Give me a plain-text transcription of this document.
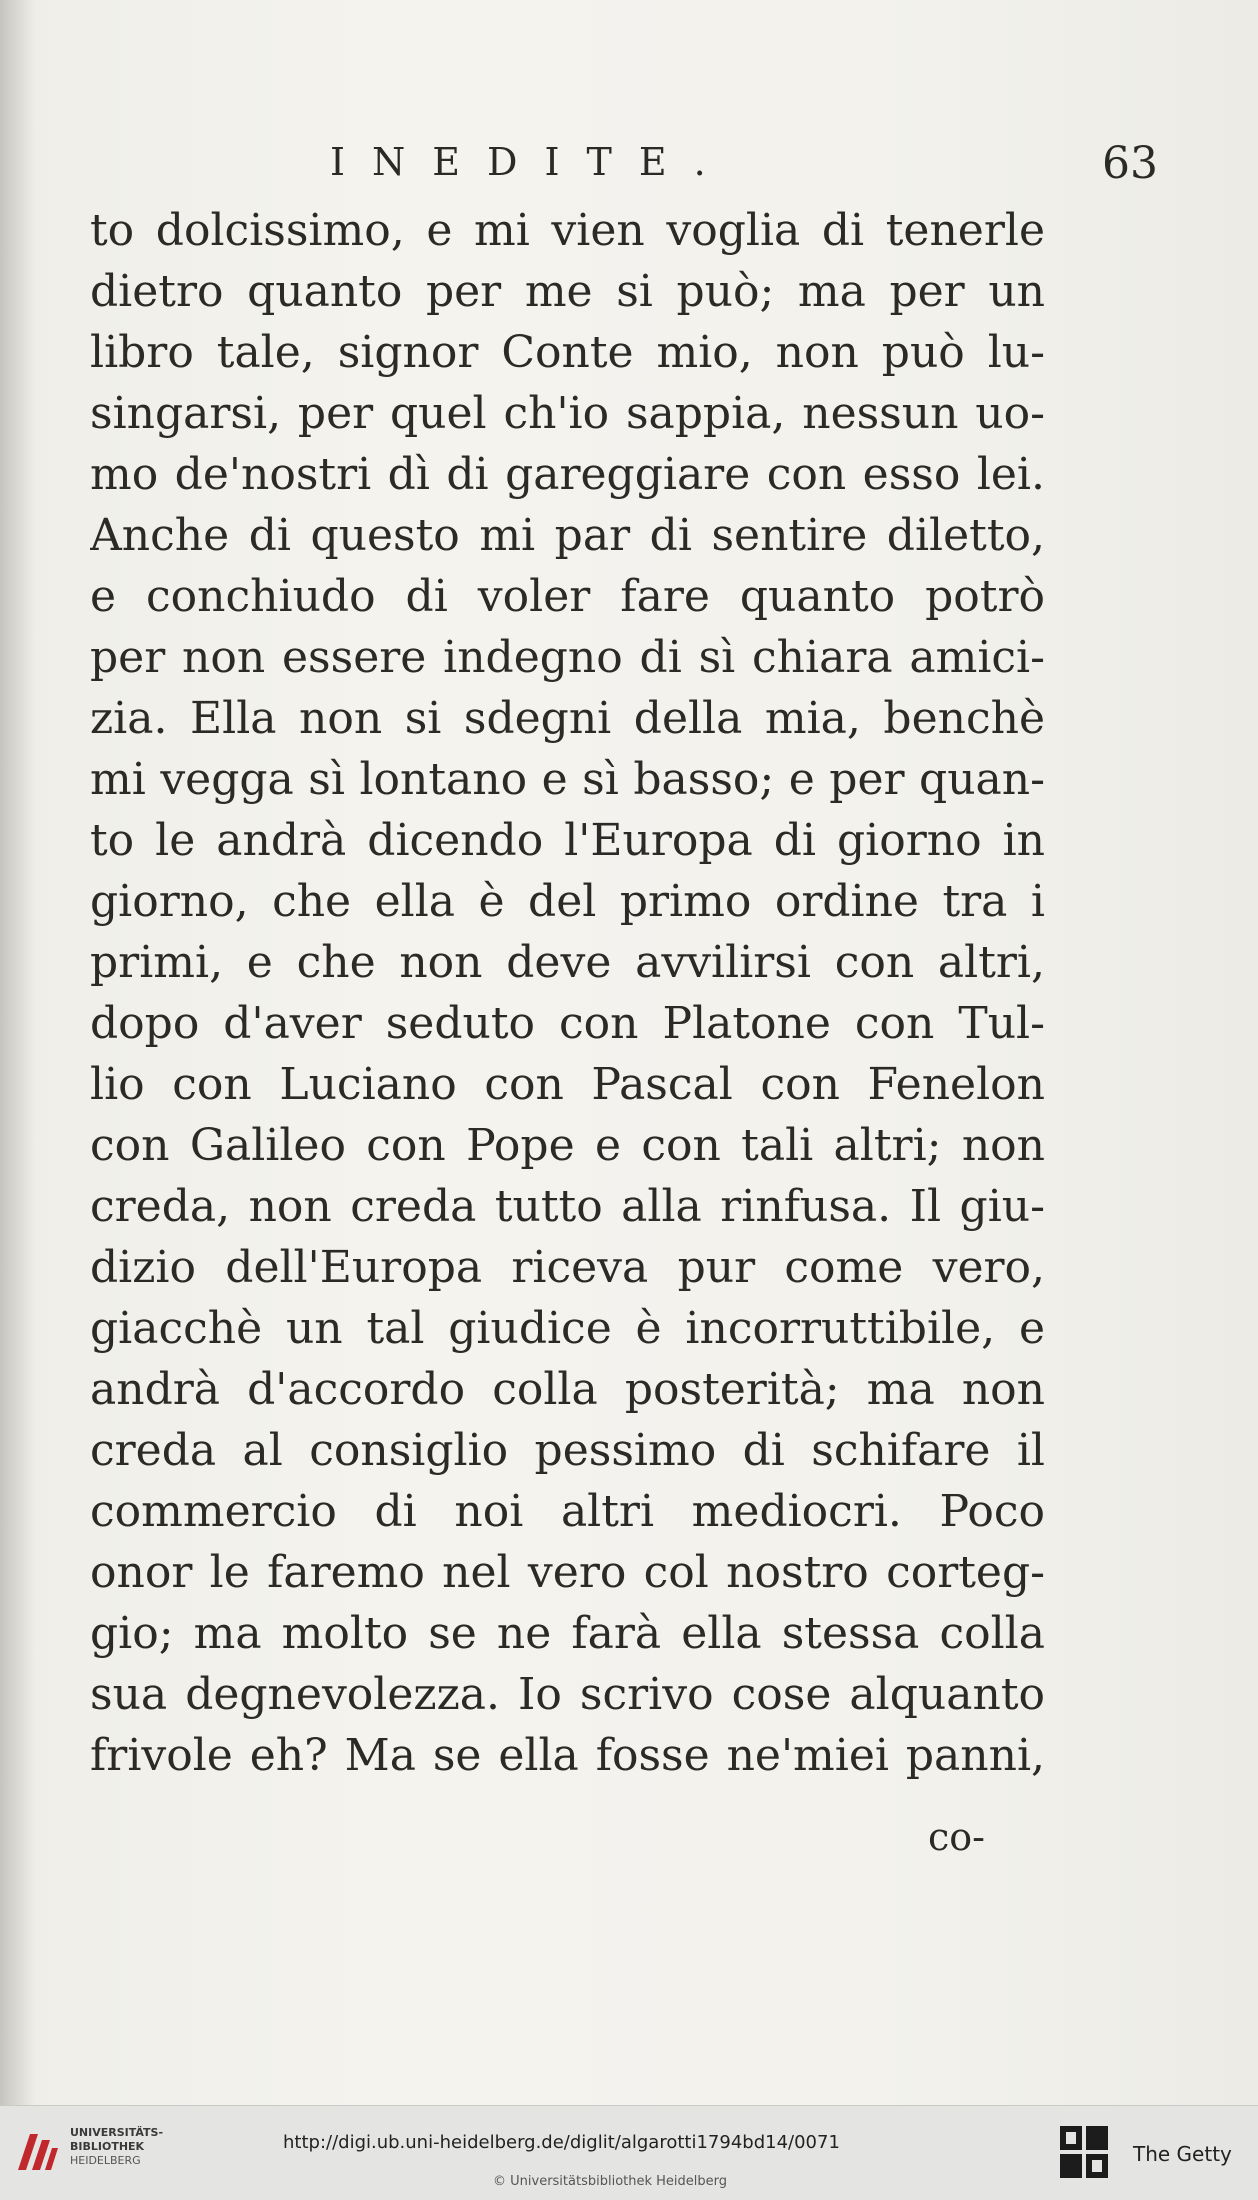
INEDITE.	63
to dolcissimo, e mi vien voglia di tenerle
dietro quanto per me si può; ma per un
libro tale, signor Conte mio, non può lu-
singarsi, per quel ch'io sappia, nessun uo-
mo de'nostri dì di gareggiare con esso lei.
Anche di questo mi par di sentire diletto,
e conchiudo di voler fare quanto potrò
per non essere indegno di sì chiara amici-
zia. Ella non si sdegni della mia, benchè
mi vegga sì lontano e sì basso; e per quan-
to le andrà dicendo l'Europa di giorno in
giorno, che ella è del primo ordine tra i
primi, e che non deve avvilirsi con altri,
dopo d'aver seduto con Platone con Tul-
lio con Luciano con Pascal con Fenelon
con Galileo con Pope e con tali altri; non
creda, non creda tutto alla rinfusa. Il giu-
dizio dell'Europa riceva pur come vero,
giacchè un tal giudice è incorruttibile, e
andrà d'accordo colla posterità; ma non
creda al consiglio pessimo di schifare il
commercio di noi altri mediocri. Poco
onor le faremo nel vero col nostro corteg-
gio; ma molto se ne farà ella stessa colla
sua degnevolezza. Io scrivo cose alquanto
frivole eh? Ma se ella fosse ne'miei panni,
co-
UNIVERSITÄTS-
BIBLIOTHEK
HEIDELBERG
http://digi.ub.uni-heidelberg.de/diglit/algarotti1794bd14/0071
© Universitätsbibliothek Heidelberg
The Getty
